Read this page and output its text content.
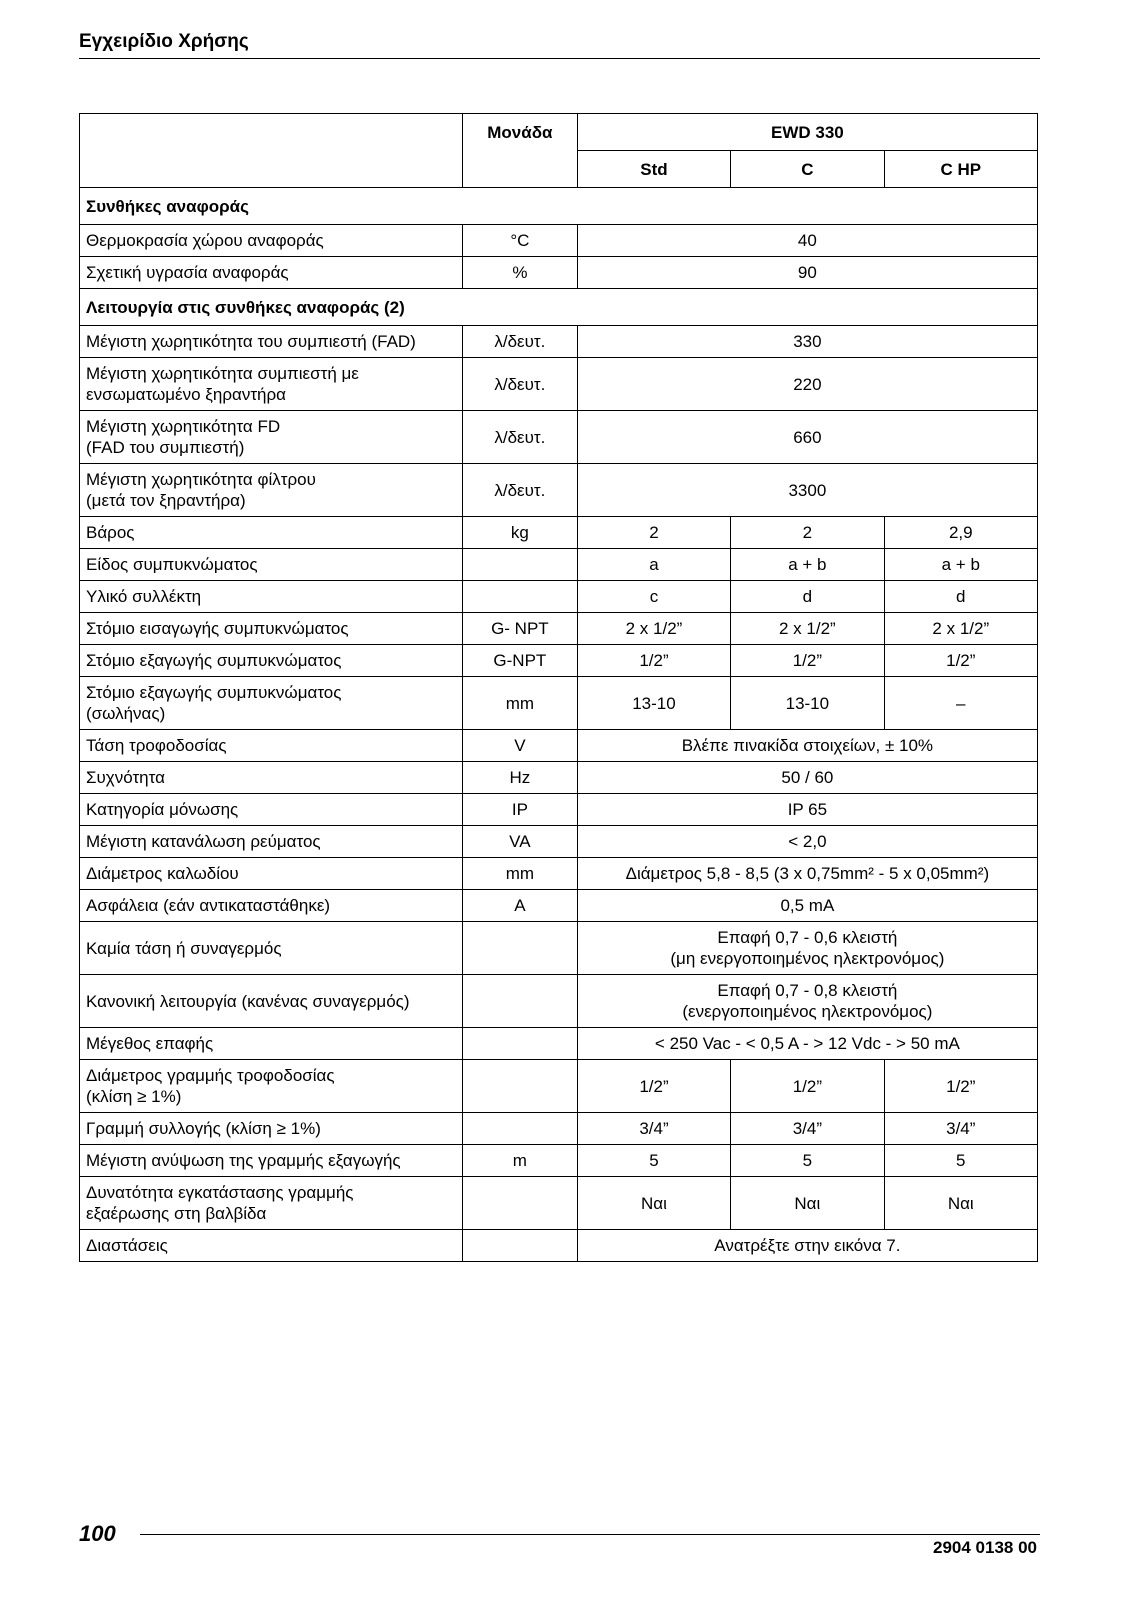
Εγχειρίδιο Χρήσης
	Μονάδα	EWD 330		
		Std	C	C HP
Συνθήκες αναφοράς				
Θερμοκρασία χώρου αναφοράς	°C	40		
Σχετική υγρασία αναφοράς	%	90		
Λειτουργία στις συνθήκες αναφοράς (2)				
Μέγιστη χωρητικότητα του συμπιεστή (FAD)	λ/δευτ.	330		
Μέγιστη χωρητικότητα συμπιεστή με
ενσωματωμένο ξηραντήρα	λ/δευτ.	220		
Μέγιστη χωρητικότητα FD
(FAD του συμπιεστή)	λ/δευτ.	660		
Μέγιστη χωρητικότητα φίλτρου
(μετά τον ξηραντήρα)	λ/δευτ.	3300		
Βάρος	kg	2	2	2,9
Είδος συμπυκνώματος		a	a + b	a + b
Υλικό συλλέκτη		c	d	d
Στόμιο εισαγωγής συμπυκνώματος	G- NPT	2 x 1/2”	2 x 1/2”	2 x 1/2”
Στόμιο εξαγωγής συμπυκνώματος	G-NPT	1/2”	1/2”	1/2”
Στόμιο εξαγωγής συμπυκνώματος
(σωλήνας)	mm	13-10	13-10	–
Τάση τροφοδοσίας	V	Βλέπε πινακίδα στοιχείων, ± 10%		
Συχνότητα	Hz	50 / 60		
Κατηγορία μόνωσης	IP	IP 65		
Μέγιστη κατανάλωση ρεύματος	VA	< 2,0		
Διάμετρος καλωδίου	mm	Διάμετρος 5,8 - 8,5 (3 x 0,75mm² - 5 x 0,05mm²)		
Ασφάλεια (εάν αντικαταστάθηκε)	A	0,5 mA		
Καμία τάση ή συναγερμός		Επαφή 0,7 - 0,6 κλειστή
(μη ενεργοποιημένος ηλεκτρονόμος)		
Κανονική λειτουργία (κανένας συναγερμός)		Επαφή 0,7 - 0,8 κλειστή
(ενεργοποιημένος ηλεκτρονόμος)		
Μέγεθος επαφής		< 250 Vac - < 0,5 A - > 12 Vdc - > 50 mA		
Διάμετρος γραμμής τροφοδοσίας
(κλίση ≥ 1%)		1/2”	1/2”	1/2”
Γραμμή συλλογής (κλίση ≥ 1%)		3/4”	3/4”	3/4”
Μέγιστη ανύψωση της γραμμής εξαγωγής	m	5	5	5
Δυνατότητα εγκατάστασης γραμμής
εξαέρωσης στη βαλβίδα		Ναι	Ναι	Ναι
Διαστάσεις		Ανατρέξτε στην εικόνα 7.		
100
2904 0138 00
